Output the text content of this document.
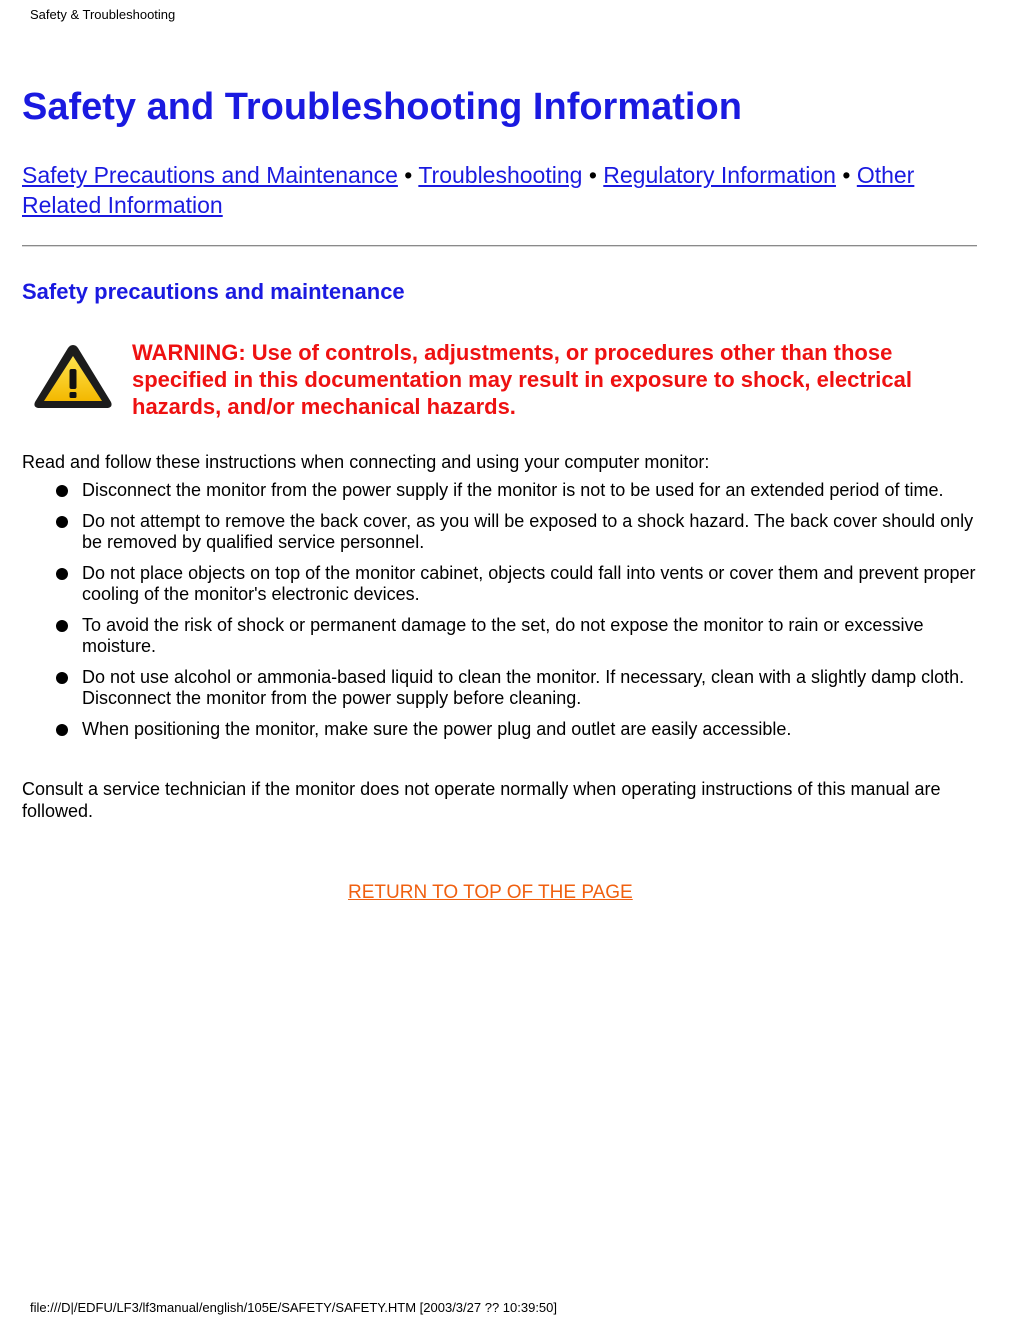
Safety & Troubleshooting
Safety and Troubleshooting Information
Safety Precautions and Maintenance • Troubleshooting • Regulatory Information • Other Related Information
Safety precautions and maintenance
WARNING: Use of controls, adjustments, or procedures other than those specified in this documentation may result in exposure to shock, electrical hazards, and/or mechanical hazards.
Read and follow these instructions when connecting and using your computer monitor:
Disconnect the monitor from the power supply if the monitor is not to be used for an extended period of time.
Do not attempt to remove the back cover, as you will be exposed to a shock hazard. The back cover should only be removed by qualified service personnel.
Do not place objects on top of the monitor cabinet, objects could fall into vents or cover them and prevent proper cooling of the monitor's electronic devices.
To avoid the risk of shock or permanent damage to the set, do not expose the monitor to rain or excessive moisture.
Do not use alcohol or ammonia-based liquid to clean the monitor. If necessary, clean with a slightly damp cloth. Disconnect the monitor from the power supply before cleaning.
When positioning the monitor, make sure the power plug and outlet are easily accessible.
Consult a service technician if the monitor does not operate normally when operating instructions of this manual are followed.
RETURN TO TOP OF THE PAGE
file:///D|/EDFU/LF3/lf3manual/english/105E/SAFETY/SAFETY.HTM [2003/3/27 ?? 10:39:50]
